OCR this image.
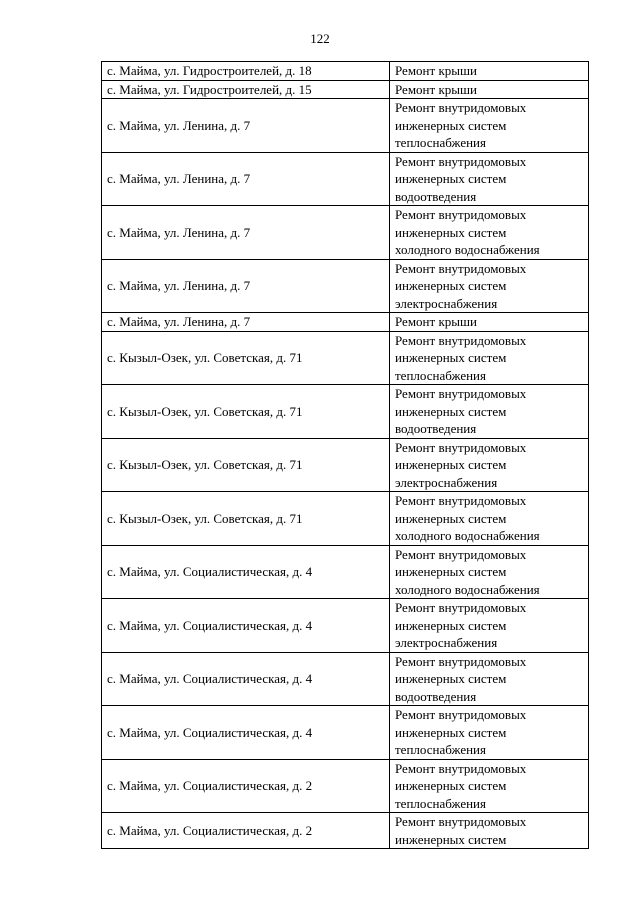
122
с. Майма, ул. Гидростроителей, д. 18	Ремонт крыши

с. Майма, ул. Гидростроителей, д. 15	Ремонт крыши

с. Майма, ул. Ленина, д. 7	Ремонт внутридомовых
инженерных систем
теплоснабжения

с. Майма, ул. Ленина, д. 7	Ремонт внутридомовых
инженерных систем
водоотведения

с. Майма, ул. Ленина, д. 7	Ремонт внутридомовых
инженерных систем
холодного водоснабжения

с. Майма, ул. Ленина, д. 7	Ремонт внутридомовых
инженерных систем
электроснабжения

с. Майма, ул. Ленина, д. 7	Ремонт крыши

с. Кызыл-Озек, ул. Советская, д. 71	Ремонт внутридомовых
инженерных систем
теплоснабжения

с. Кызыл-Озек, ул. Советская, д. 71	Ремонт внутридомовых
инженерных систем
водоотведения

с. Кызыл-Озек, ул. Советская, д. 71	Ремонт внутридомовых
инженерных систем
электроснабжения

с. Кызыл-Озек, ул. Советская, д. 71	Ремонт внутридомовых
инженерных систем
холодного водоснабжения

с. Майма, ул. Социалистическая, д. 4	Ремонт внутридомовых
инженерных систем
холодного водоснабжения

с. Майма, ул. Социалистическая, д. 4	Ремонт внутридомовых
инженерных систем
электроснабжения

с. Майма, ул. Социалистическая, д. 4	Ремонт внутридомовых
инженерных систем
водоотведения

с. Майма, ул. Социалистическая, д. 4	Ремонт внутридомовых
инженерных систем
теплоснабжения

с. Майма, ул. Социалистическая, д. 2	Ремонт внутридомовых
инженерных систем
теплоснабжения

с. Майма, ул. Социалистическая, д. 2	Ремонт внутридомовых
инженерных систем
